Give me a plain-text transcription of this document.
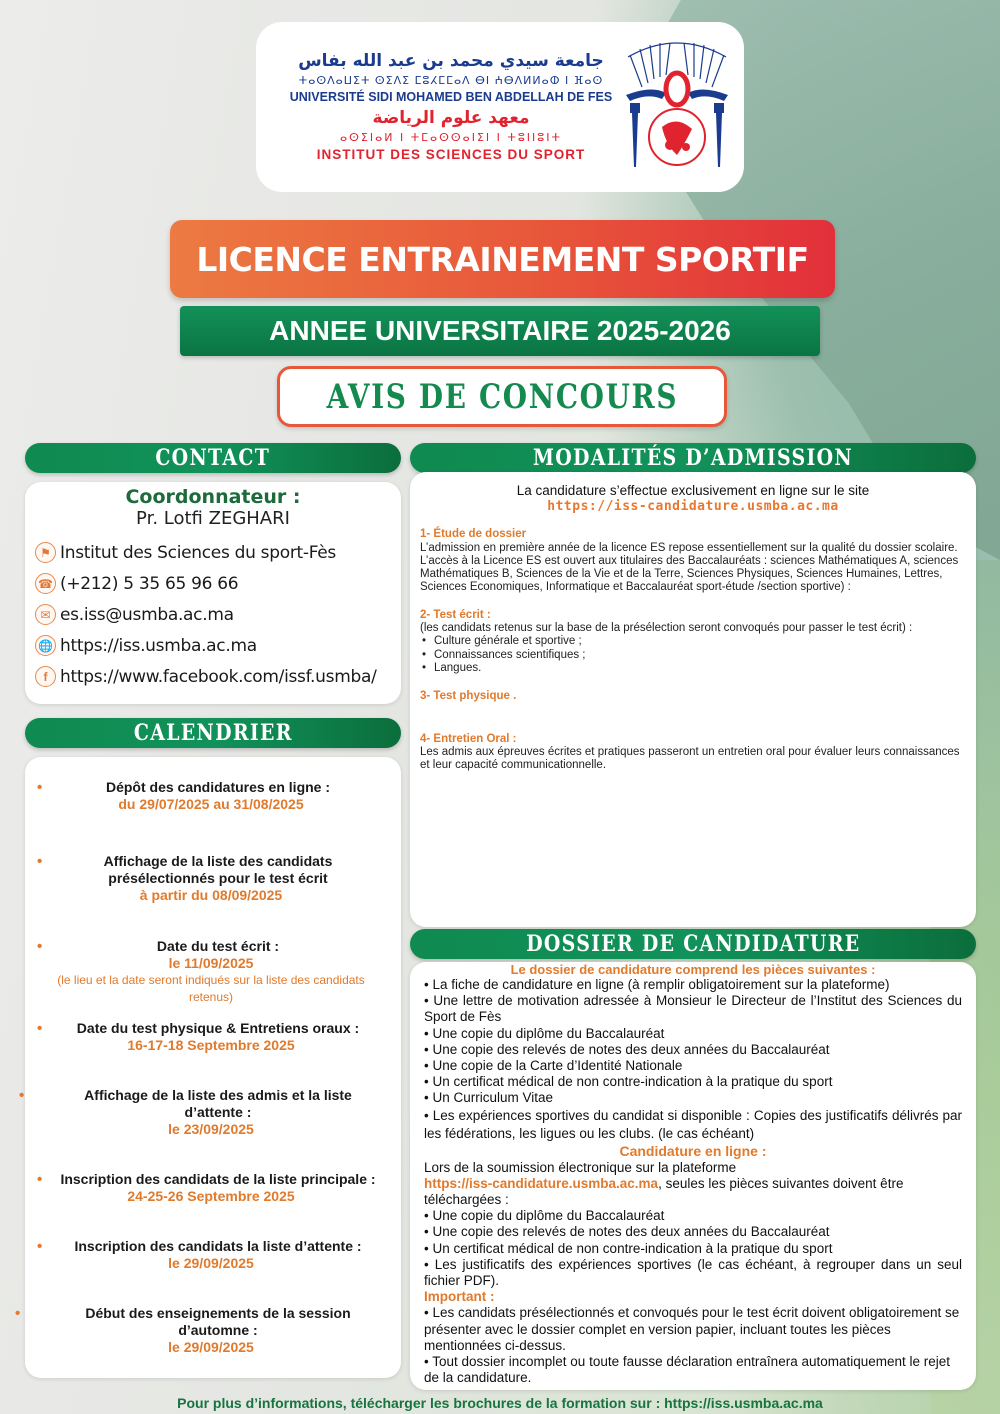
جامعة سيدي محمد بن عبد الله بفاس
ⵜⴰⵙⴷⴰⵡⵉⵜ ⵙⵉⴷⵉ ⵎⵓⵃⵎⵎⴰⴷ ⴱⵏ ⵄⴱⴷⵍⵍⴰⵀ ⵏ ⴼⴰⵙ
UNIVERSITÉ SIDI MOHAMED BEN ABDELLAH DE FES
معهد علوم الرياضة
ⴰⵙⵉⵏⴰⵍ ⵏ ⵜⵎⴰⵙⵙⴰⵏⵉⵏ ⵏ ⵜⵓⵏⵏⵓⵏⵜ
INSTITUT DES SCIENCES DU SPORT
LICENCE ENTRAINEMENT SPORTIF
ANNEE UNIVERSITAIRE 2025-2026
AVIS DE CONCOURS
CONTACT
Coordonnateur :
Pr. Lotfi ZEGHARI
⚑ Institut des Sciences du sport-Fès
☎ (+212) 5 35 65 96 66
✉ es.iss@usmba.ac.ma
🌐 https://iss.usmba.ac.ma
f https://www.facebook.com/issf.usmba/
CALENDRIER
•	Dépôt des candidatures en ligne :
du 29/07/2025 au 31/08/2025
•	Affichage de la liste des candidats présélectionnés pour le test écrit
à partir du 08/09/2025
•	Date du test écrit :
le 11/09/2025
(le lieu et la date seront indiqués sur la liste des candidats retenus)
•	Date du test physique & Entretiens oraux :
16-17-18 Septembre 2025
•	Affichage de la liste des admis et la liste d’attente :
le 23/09/2025
•	Inscription des candidats de la liste principale :
24-25-26 Septembre 2025
•	Inscription des candidats la liste d’attente :
le 29/09/2025
•	Début des enseignements de la session d’automne :
le 29/09/2025
MODALITÉS D’ADMISSION
La candidature s’effectue exclusivement en ligne sur le site
https://iss-candidature.usmba.ac.ma
1- Étude de dossier
L’admission en première année de la licence ES repose essentiellement sur la qualité du dossier scolaire.
L’accès à la Licence ES est ouvert aux titulaires des Baccalauréats : sciences Mathématiques A, sciences Mathématiques B, Sciences de la Vie et de la Terre, Sciences Physiques, Sciences Humaines, Lettres, Sciences Economiques, Informatique et Baccalauréat sport-étude /section sportive) :
2- Test écrit :
(les candidats retenus sur la base de la présélection seront convoqués pour passer le test écrit) :
• Culture générale et sportive ;
• Connaissances scientifiques ;
• Langues.
3- Test physique .
4- Entretien Oral :
Les admis aux épreuves écrites et pratiques passeront un entretien oral pour évaluer leurs connaissances et leur capacité communicationnelle.
DOSSIER DE CANDIDATURE
Le dossier de candidature comprend les pièces suivantes :
• La fiche de candidature en ligne (à remplir obligatoirement sur la plateforme)
• Une lettre de motivation adressée à Monsieur le Directeur de l’Institut des Sciences du Sport de Fès
• Une copie du diplôme du Baccalauréat
• Une copie des relevés de notes des deux années du Baccalauréat
• Une copie de la Carte d’Identité Nationale
• Un certificat médical de non contre-indication à la pratique du sport
• Un Curriculum Vitae
• Les expériences sportives du candidat si disponible : Copies des justificatifs délivrés par les fédérations, les ligues ou les clubs. (le cas échéant)
Candidature en ligne :
Lors de la soumission électronique sur la plateforme
https://iss-candidature.usmba.ac.ma, seules les pièces suivantes doivent être téléchargées :
• Une copie du diplôme du Baccalauréat
• Une copie des relevés de notes des deux années du Baccalauréat
• Un certificat médical de non contre-indication à la pratique du sport
• Les justificatifs des expériences sportives (le cas échéant, à regrouper dans un seul fichier PDF).
Important :
• Les candidats présélectionnés et convoqués pour le test écrit doivent obligatoirement se présenter avec le dossier complet en version papier, incluant toutes les pièces mentionnées ci-dessus.
• Tout dossier incomplet ou toute fausse déclaration entraînera automatiquement le rejet de la candidature.
Pour plus d’informations, télécharger les brochures de la formation sur : https://iss.usmba.ac.ma
